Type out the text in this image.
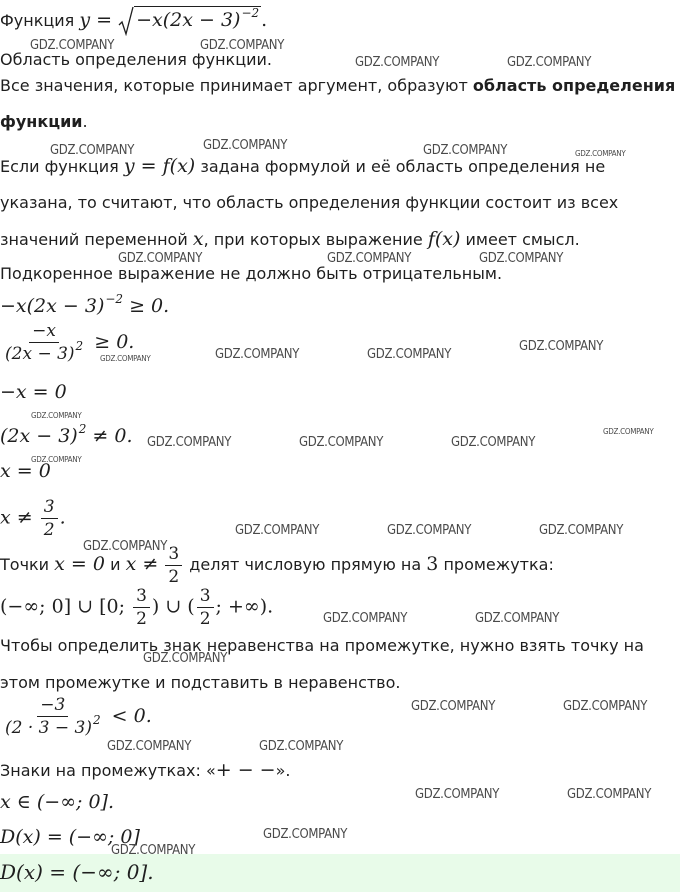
Функция y =
$-x(2x - 3)^{-2}$ .
Область определения функции.
Все значения, которые принимает аргумент, образуют область определения
функции.
Если функция y = f(x) задана формулой и её область определения не
указана, то считают, что область определения функции состоит из всех
значений переменной x, при которых выражение f(x) имеет смысл.
Подкоренное выражение не должно быть отрицательным.
$-x(2x - 3)^{-2} \ge 0$.
$\frac{-x}{(2x - 3)^2} \ge 0$.
−x = 0
$(2x - 3)^2 \ne 0$.
x = 0
$x \ne \frac{3}{2}$ .
Точки x = 0 и $x \ne \frac{3}{2}$ делят числовую прямую на 3 промежутка:
(−∞; 0] ∪ [0; $\frac{3}{2}$ ) ∪ ( $\frac{3}{2}$ ; +∞).
Чтобы определить знак неравенства на промежутке, нужно взять точку на
этом промежутке и подставить в неравенство.
$\frac{-3}{(2 \cdot 3 - 3)^2} < 0$.
Знаки на промежутках: «+ − −».
x ∈ (−∞; 0].
D(x) = (−∞; 0]
D(x) = (−∞; 0].
GDZ.COMPANY	GDZ.COMPANY
GDZ.COMPANY	GDZ.COMPANY
GDZ.COMPANY	GDZ.COMPANY	GDZ.COMPANY	GDZ.COMPANY
GDZ.COMPANY	GDZ.COMPANY	GDZ.COMPANY
GDZ.COMPANY	GDZ.COMPANY	GDZ.COMPANY
GDZ.COMPANY
GDZ.COMPANY
GDZ.COMPANY	GDZ.COMPANY	GDZ.COMPANY
GDZ.COMPANY
GDZ.COMPANY
GDZ.COMPANY	GDZ.COMPANY	GDZ.COMPANY
GDZ.COMPANY
GDZ.COMPANY	GDZ.COMPANY
GDZ.COMPANY
GDZ.COMPANY	GDZ.COMPANY
GDZ.COMPANY	GDZ.COMPANY
GDZ.COMPANY	GDZ.COMPANY
GDZ.COMPANY
GDZ.COMPANY
